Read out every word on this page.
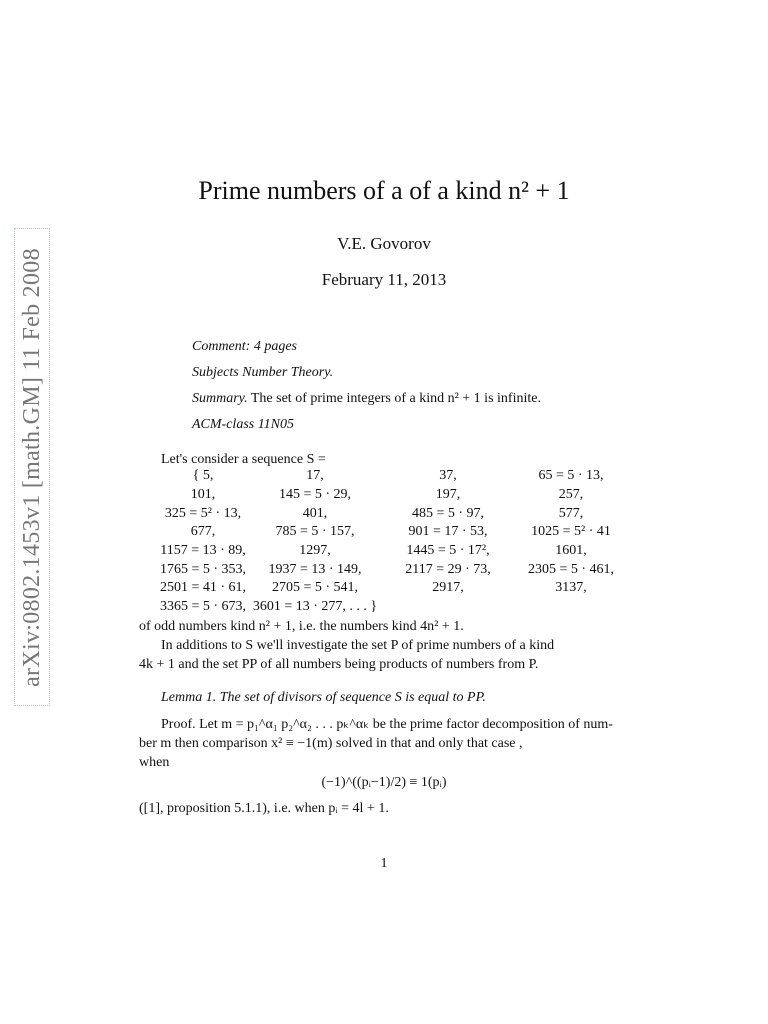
arXiv:0802.1453v1 [math.GM] 11 Feb 2008
Prime numbers of a of a kind n² + 1
V.E. Govorov
February 11, 2013
Comment: 4 pages
Subjects Number Theory.
Summary. The set of prime integers of a kind n² + 1 is infinite.
ACM-class 11N05
Let's consider a sequence S =
{ 5,	17,	37,	65 = 5 · 13,
101,	145 = 5 · 29,	197,	257,
325 = 5² · 13,	401,	485 = 5 · 97,	577,
677,	785 = 5 · 157,	901 = 17 · 53,	1025 = 5² · 41
1157 = 13 · 89,	1297,	1445 = 5 · 17²,	1601,
1765 = 5 · 353,	1937 = 13 · 149,	2117 = 29 · 73,	2305 = 5 · 461,
2501 = 41 · 61,	2705 = 5 · 541,	2917,	3137,
3365 = 5 · 673, 3601 = 13 · 277, . . . }
of odd numbers kind n² + 1, i.e. the numbers kind 4n² + 1.
In additions to S we'll investigate the set P of prime numbers of a kind
4k + 1 and the set PP of all numbers being products of numbers from P.
Lemma 1. The set of divisors of sequence S is equal to PP.
Proof. Let m = p₁^α₁ p₂^α₂ . . . pₖ^αₖ be the prime factor decomposition of num-
ber m then comparison x² ≡ −1(m) solved in that and only that case ,
when
(−1)^((pᵢ−1)/2) ≡ 1(pᵢ)
([1], proposition 5.1.1), i.e. when pᵢ = 4l + 1.
1
